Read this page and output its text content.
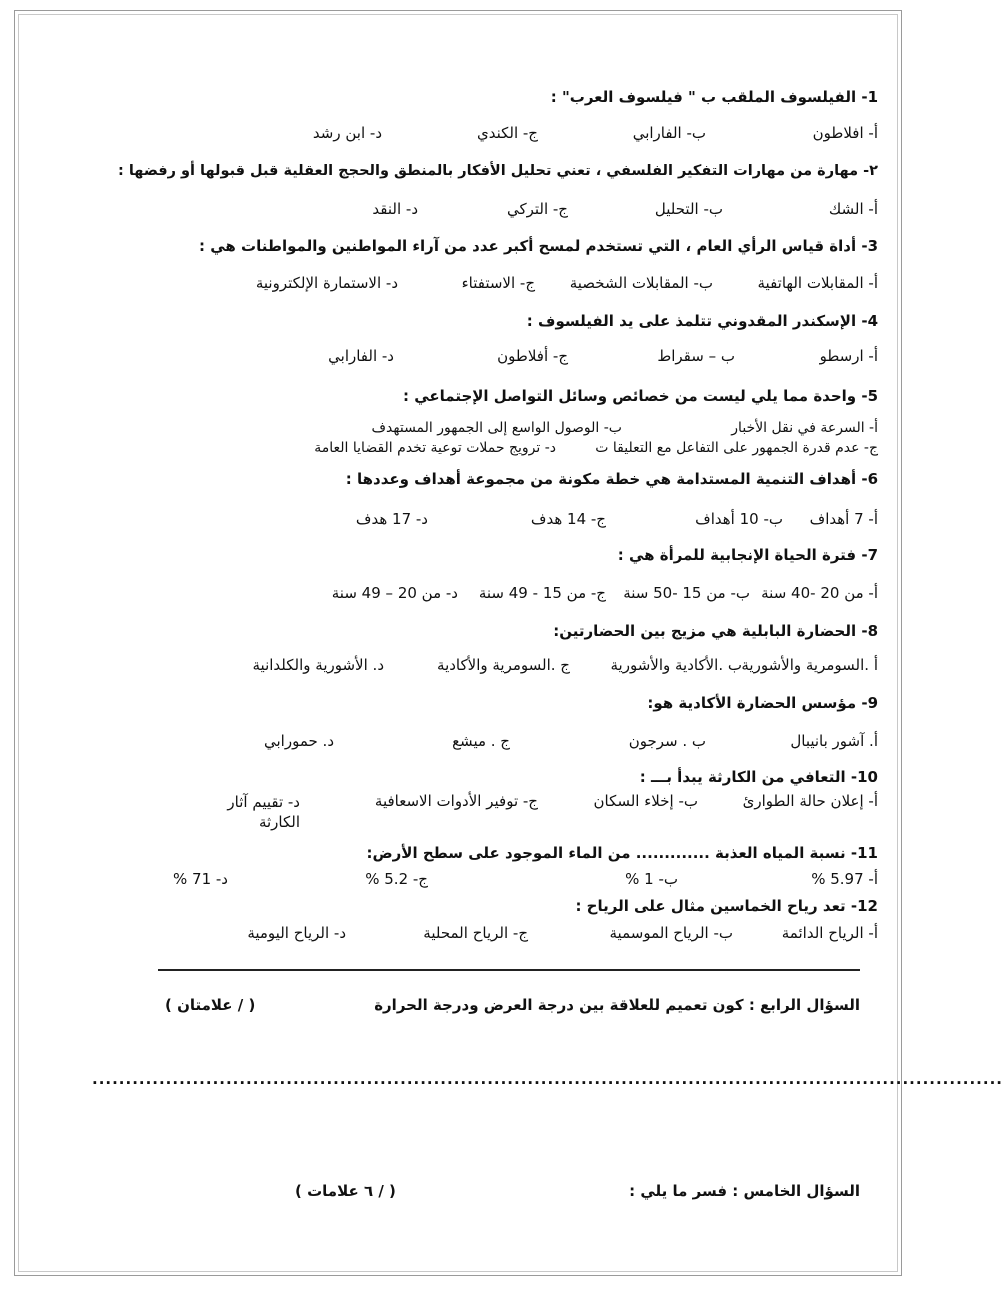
1- الفيلسوف الملقب ب " فيلسوف العرب" :
أ- افلاطون
ب- الفارابي
ج- الكندي
د- ابن رشد
٢- مهارة من مهارات التفكير الفلسفي ، تعني تحليل الأفكار بالمنطق والحجج العقلية قبل قبولها أو رفضها :
أ- الشك
ب- التحليل
ج- التركي
د- النقد
3- أداة قياس الرأي العام ، التي تستخدم لمسح أكبر عدد من آراء المواطنين والمواطنات هي :
أ- المقابلات الهاتفية
ب- المقابلات الشخصية
ج- الاستفتاء
د- الاستمارة الإلكترونية
4- الإسكندر المقدوني تتلمذ على يد الفيلسوف :
أ- ارسطو
ب – سقراط
ج- أفلاطون
د- الفارابي
5- واحدة مما يلي ليست من خصائص وسائل التواصل الإجتماعي :
أ- السرعة في نقل الأخبار
ب- الوصول الواسع إلى الجمهور المستهدف
ج- عدم قدرة الجمهور على التفاعل مع التعليقا ت
د- ترويج حملات توعية تخدم القضايا العامة
6- أهداف التنمية المستدامة هي خطة مكونة من مجموعة أهداف وعددها :
أ- 7 أهداف
ب- 10 أهداف
ج- 14 هدف
د- 17 هدف
7- فترة الحياة الإنجابية للمرأة هي :
أ- من 20 -40 سنة
ب- من 15 -50 سنة
ج- من 15 - 49 سنة
د- من 20 – 49 سنة
8- الحضارة البابلية هي مزيج بين الحضارتين:
أ .السومرية والأشورية
ب .الأكادية والأشورية
ج .السومرية والأكادية
د. الأشورية والكلدانية
9- مؤسس الحضارة الأكادية هو:
أ. آشور بانيبال
ب . سرجون
ج . ميشع
د. حمورابي
10- التعافي من الكارثة يبدأ بـــ :
أ- إعلان حالة الطوارئ
ب- إخلاء السكان
ج- توفير الأدوات الاسعافية
د- تقييم آثار الكارثة
11- نسبة المياه العذبة ............. من الماء الموجود على سطح الأرض:
أ- 5.97 %
ب- 1 %
ج- 5.2 %
د- 71 %
12- تعد رياح الخماسين مثال على الرياح :
أ- الرياح الدائمة
ب- الرياح الموسمية
ج- الرياح المحلية
د- الرياح اليومية
السؤال الرابع : كون تعميم للعلاقة بين درجة العرض ودرجة الحرارة
( / علامتان )
........................................................................................................................................
السؤال الخامس : فسر ما يلي :
( / ٦ علامات )
